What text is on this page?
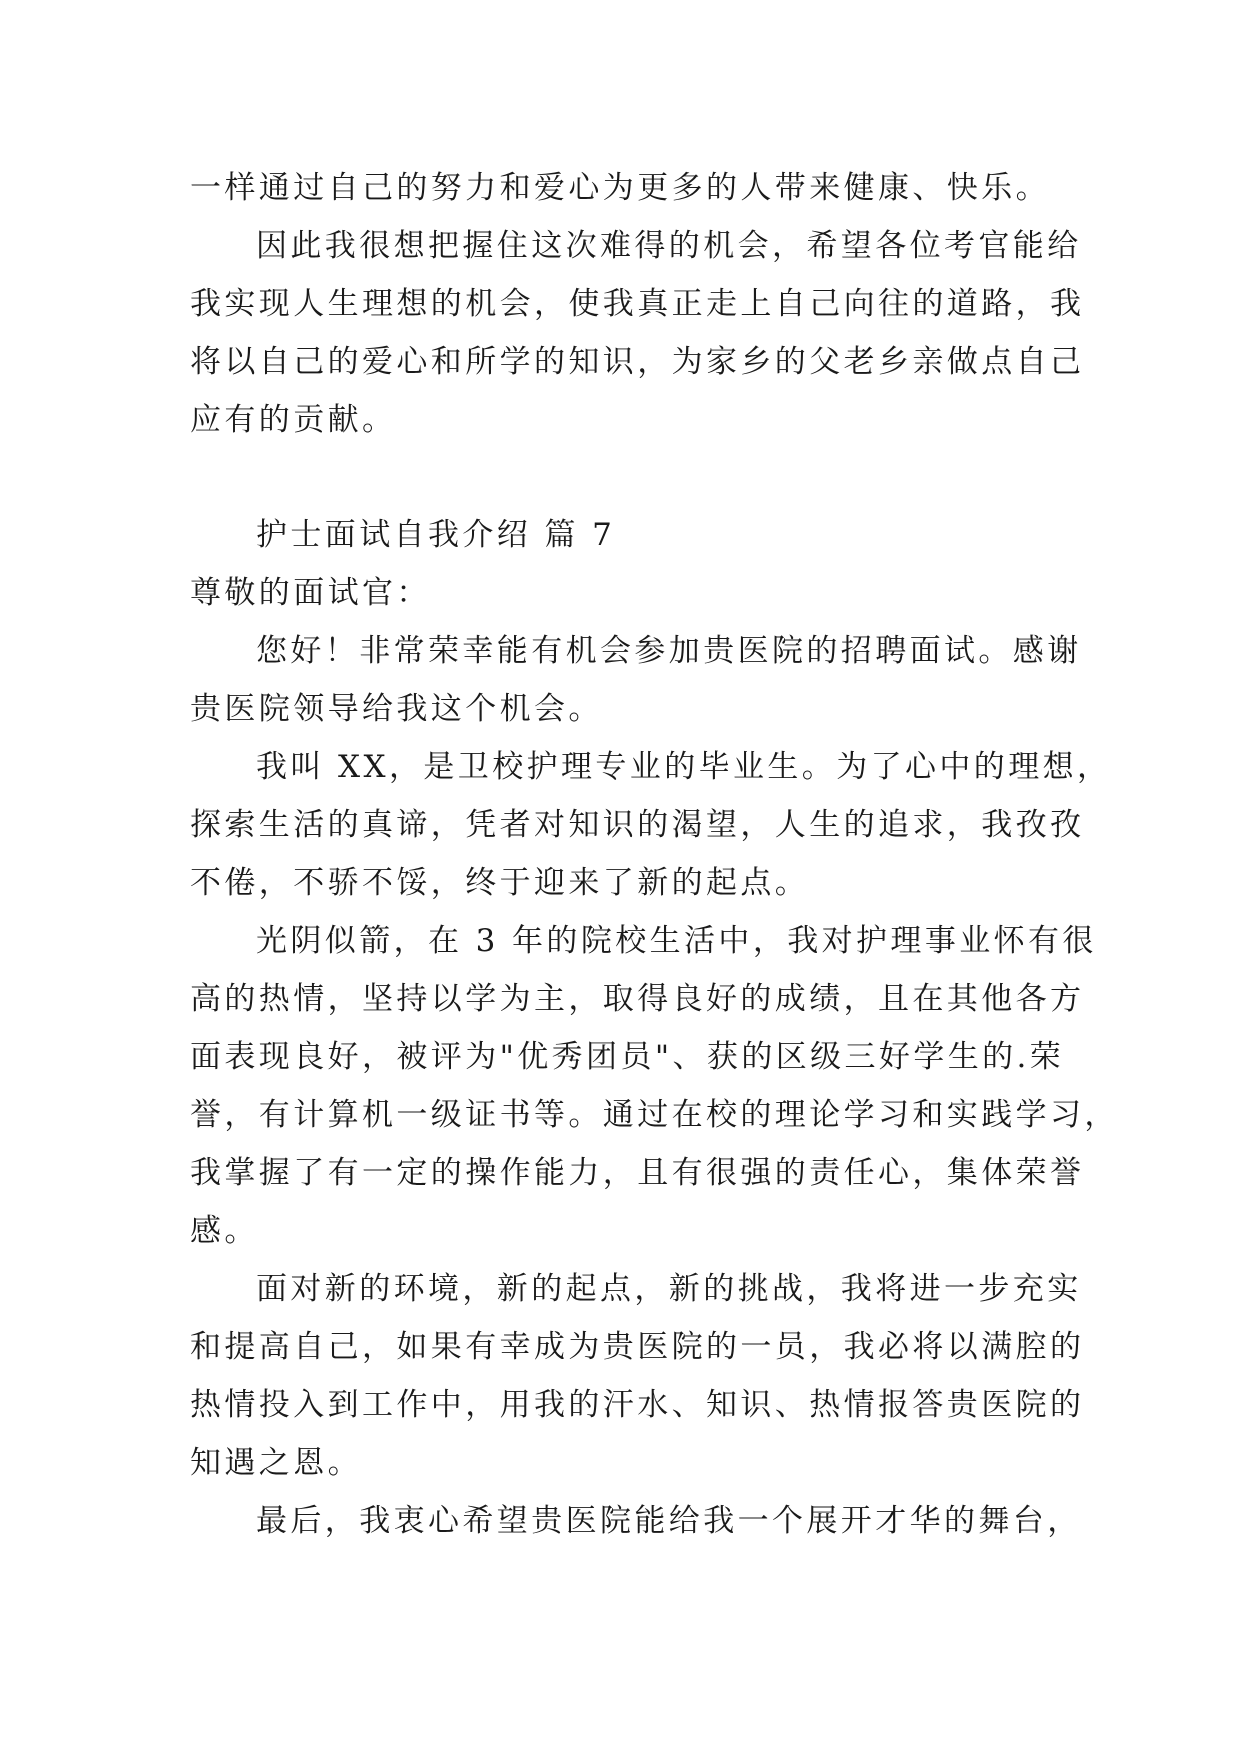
一样通过自己的努力和爱心为更多的人带来健康、快乐。
因此我很想把握住这次难得的机会，希望各位考官能给
我实现人生理想的机会，使我真正走上自己向往的道路，我
将以自己的爱心和所学的知识，为家乡的父老乡亲做点自己
应有的贡献。
护士面试自我介绍 篇 7
尊敬的面试官：
您好！非常荣幸能有机会参加贵医院的招聘面试。感谢
贵医院领导给我这个机会。
我叫 XX，是卫校护理专业的毕业生。为了心中的理想，
探索生活的真谛，凭者对知识的渴望，人生的追求，我孜孜
不倦，不骄不馁，终于迎来了新的起点。
光阴似箭，在 3 年的院校生活中，我对护理事业怀有很
高的热情，坚持以学为主，取得良好的成绩，且在其他各方
面表现良好，被评为"优秀团员"、获的区级三好学生的.荣
誉，有计算机一级证书等。通过在校的理论学习和实践学习，
我掌握了有一定的操作能力，且有很强的责任心，集体荣誉
感。
面对新的环境，新的起点，新的挑战，我将进一步充实
和提高自己，如果有幸成为贵医院的一员，我必将以满腔的
热情投入到工作中，用我的汗水、知识、热情报答贵医院的
知遇之恩。
最后，我衷心希望贵医院能给我一个展开才华的舞台，
